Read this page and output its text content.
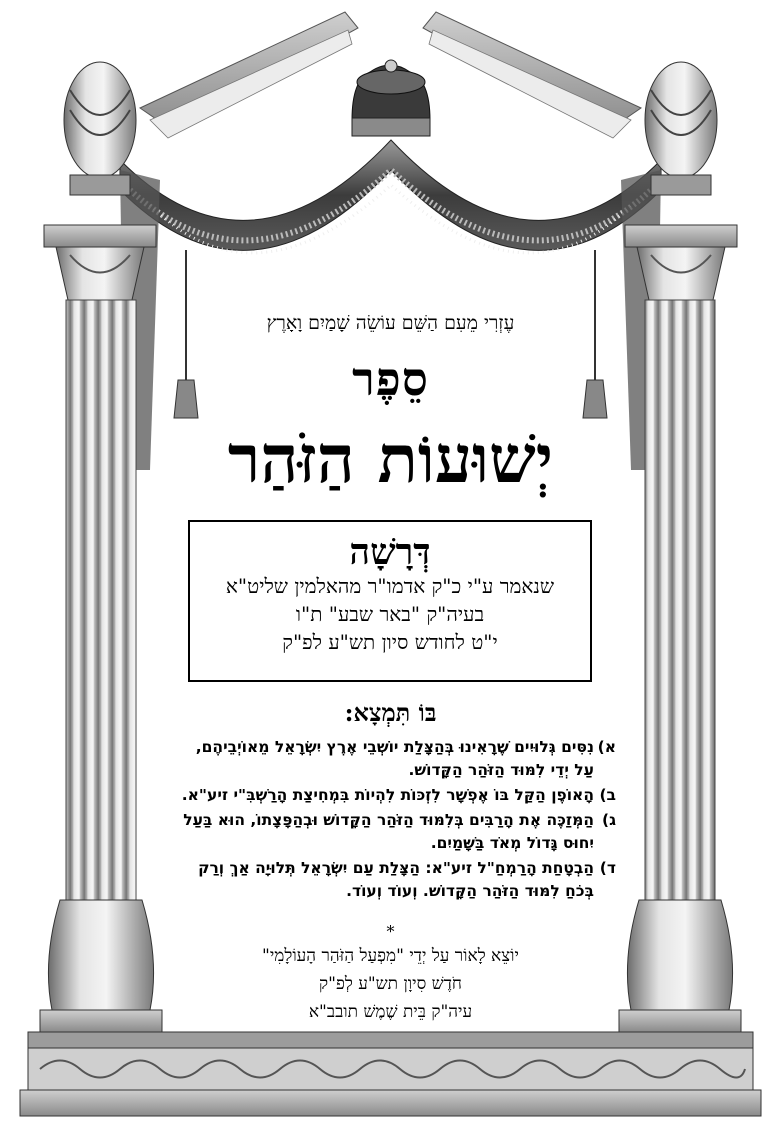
עֶזְרִי מֵעִם הַשֵּׁם עוֹשֵׂה שָׁמַיִם וָאָרֶץ
סֵפֶר
יְשׁוּעוֹת הַזֹּהַר
דְּרָשָׁה
שנאמר ע"י כ"ק אדמו"ר מהאלמין שליט"א
בעיה"ק "באר שבע" ת"ו
י"ט לחודש סיון תש"ע לפ"ק
בּוֹ תִּמְצָא:
א)
נִסִּים גְּלוּיִים שֶׁרָאִינוּ בְּהַצָּלַת יוֹשְׁבֵי אֶרֶץ יִשְׂרָאֵל מֵאוֹיְבֵיהֶם, עַל יְדֵי לִמּוּד הַזֹּהַר הַקָּדוֹשׁ.
ב)
הָאוֹפֶן הַקַּל בּוֹ אֶפְשָׁר לִזְכּוֹת לִהְיוֹת בִּמְחִיצַת הָרַשְׁבִּ"י זיע"א.
ג)
הַמְּזַכֶּה אֶת הָרַבִּים בְּלִמּוּד הַזֹּהַר הַקָּדוֹשׁ וּבְהַפָּצָתוֹ, הוּא בַּעַל יִחוּס גָּדוֹל מְאֹד בַּשָּׁמַיִם.
ד)
הַבְטָחַת הָרַמְחַ"ל זיע"א: הַצָּלַת עַם יִשְׂרָאֵל תְּלוּיָה אַךְ וְרַק בְּכֹחַ לִמּוּד הַזֹּהַר הַקָּדוֹשׁ. וְעוֹד וְעוֹד.
*
יוֹצֵא לָאוֹר עַל יְדֵי "מִפְעַל הַזֹּהַר הָעוֹלָמִי"
חֹדֶשׁ סִיוָן תש"ע לְפ"ק
עיה"ק בֵּית שֶׁמֶשׁ תובב"א
